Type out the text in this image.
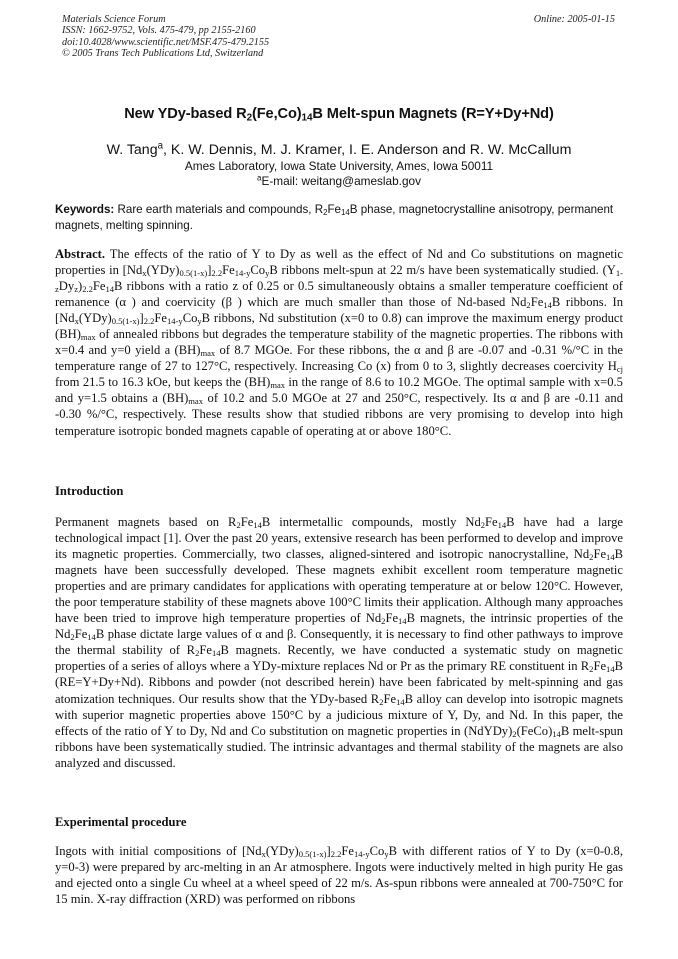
Materials Science Forum
ISSN: 1662-9752, Vols. 475-479, pp 2155-2160
doi:10.4028/www.scientific.net/MSF.475-479.2155
© 2005 Trans Tech Publications Ltd, Switzerland
Online: 2005-01-15
New YDy-based $R_2(Fe,Co)_{14}B$ Melt-spun Magnets (R=Y+Dy+Nd)
W. Tang$^a$, K. W. Dennis, M. J. Kramer, I. E. Anderson and R. W. McCallum
Ames Laboratory, Iowa State University, Ames, Iowa 50011
$^a$E-mail: weitang@ameslab.gov
Keywords: Rare earth materials and compounds, $R_2Fe_{14}B$ phase, magnetocrystalline anisotropy, permanent magnets, melting spinning.
Abstract. The effects of the ratio of Y to Dy as well as the effect of Nd and Co substitutions on magnetic properties in $[Nd_x(YDy)_{0.5(1-x)}]_{2.2}Fe_{14-y}Co_yB$ ribbons melt-spun at 22 m/s have been systematically studied. $(Y_{1-z}Dy_z)_{2.2}Fe_{14}B$ ribbons with a ratio z of 0.25 or 0.5 simultaneously obtains a smaller temperature coefficient of remanence (α ) and coervicity (β ) which are much smaller than those of Nd-based $Nd_2Fe_{14}B$ ribbons. In $[Nd_x(YDy)_{0.5(1-x)}]_{2.2}Fe_{14-y}Co_yB$ ribbons, Nd substitution (x=0 to 0.8) can improve the maximum energy product $(BH)_{max}$ of annealed ribbons but degrades the temperature stability of the magnetic properties. The ribbons with x=0.4 and y=0 yield a $(BH)_{max}$ of 8.7 MGOe. For these ribbons, the α and β are -0.07 and -0.31 %/°C in the temperature range of 27 to 127°C, respectively. Increasing Co (x) from 0 to 3, slightly decreases coercivity $H_{cj}$ from 21.5 to 16.3 kOe, but keeps the $(BH)_{max}$ in the range of 8.6 to 10.2 MGOe. The optimal sample with x=0.5 and y=1.5 obtains a $(BH)_{max}$ of 10.2 and 5.0 MGOe at 27 and 250°C, respectively. Its α and β are -0.11 and -0.30 %/°C, respectively. These results show that studied ribbons are very promising to develop into high temperature isotropic bonded magnets capable of operating at or above 180°C.
Introduction
Permanent magnets based on $R_2Fe_{14}B$ intermetallic compounds, mostly $Nd_2Fe_{14}B$ have had a large technological impact [1]. Over the past 20 years, extensive research has been performed to develop and improve its magnetic properties. Commercially, two classes, aligned-sintered and isotropic nanocrystalline, $Nd_2Fe_{14}B$ magnets have been successfully developed. These magnets exhibit excellent room temperature magnetic properties and are primary candidates for applications with operating temperature at or below 120°C. However, the poor temperature stability of these magnets above 100°C limits their application. Although many approaches have been tried to improve high temperature properties of $Nd_2Fe_{14}B$ magnets, the intrinsic properties of the $Nd_2Fe_{14}B$ phase dictate large values of α and β. Consequently, it is necessary to find other pathways to improve the thermal stability of $R_2Fe_{14}B$ magnets. Recently, we have conducted a systematic study on magnetic properties of a series of alloys where a YDy-mixture replaces Nd or Pr as the primary RE constituent in $R_2Fe_{14}B$ (RE=Y+Dy+Nd). Ribbons and powder (not described herein) have been fabricated by melt-spinning and gas atomization techniques. Our results show that the YDy-based $R_2Fe_{14}B$ alloy can develop into isotropic magnets with superior magnetic properties above 150°C by a judicious mixture of Y, Dy, and Nd. In this paper, the effects of the ratio of Y to Dy, Nd and Co substitution on magnetic properties in $(NdYDy)_2(FeCo)_{14}B$ melt-spun ribbons have been systematically studied. The intrinsic advantages and thermal stability of the magnets are also analyzed and discussed.
Experimental procedure
Ingots with initial compositions of $[Nd_x(YDy)_{0.5(1-x)}]_{2.2}Fe_{14-y}Co_yB$ with different ratios of Y to Dy (x=0-0.8, y=0-3) were prepared by arc-melting in an Ar atmosphere. Ingots were inductively melted in high purity He gas and ejected onto a single Cu wheel at a wheel speed of 22 m/s. As-spun ribbons were annealed at 700-750°C for 15 min. X-ray diffraction (XRD) was performed on ribbons
